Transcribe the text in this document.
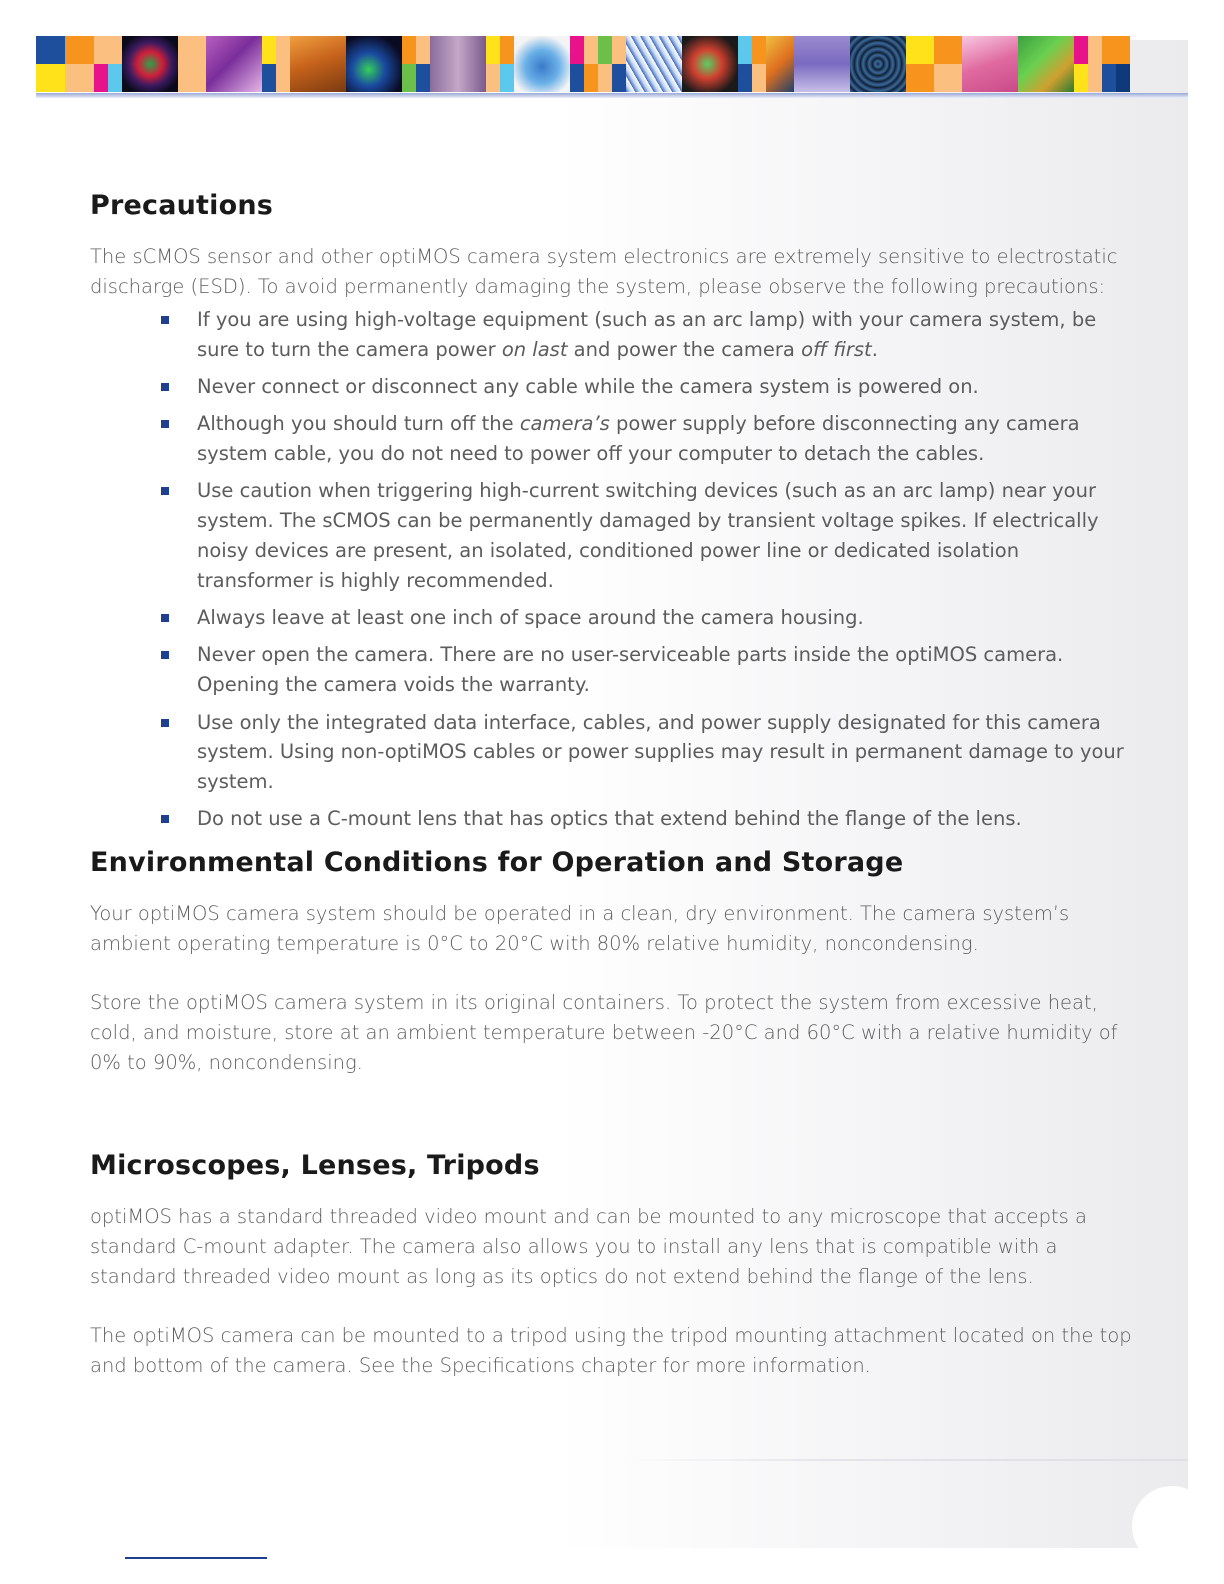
Precautions

The sCMOS sensor and other optiMOS camera system electronics are extremely sensitive to electrostatic discharge (ESD). To avoid permanently damaging the system, please observe the following precautions:

If you are using high-voltage equipment (such as an arc lamp) with your camera system, be sure to turn the camera power on last and power the camera off first.
Never connect or disconnect any cable while the camera system is powered on.
Although you should turn off the camera’s power supply before disconnecting any camera system cable, you do not need to power off your computer to detach the cables.
Use caution when triggering high-current switching devices (such as an arc lamp) near your system. The sCMOS can be permanently damaged by transient voltage spikes. If electrically noisy devices are present, an isolated, conditioned power line or dedicated isolation transformer is highly recommended.
Always leave at least one inch of space around the camera housing.
Never open the camera. There are no user-serviceable parts inside the optiMOS camera. Opening the camera voids the warranty.
Use only the integrated data interface, cables, and power supply designated for this camera system. Using non-optiMOS cables or power supplies may result in permanent damage to your system.
Do not use a C-mount lens that has optics that extend behind the flange of the lens.
Environmental Conditions for Operation and Storage

Your optiMOS camera system should be operated in a clean, dry environment. The camera system’s ambient operating temperature is 0°C to 20°C with 80% relative humidity, noncondensing.

Store the optiMOS camera system in its original containers. To protect the system from excessive heat, cold, and moisture, store at an ambient temperature between -20°C and 60°C with a relative humidity of 0% to 90%, noncondensing.

Microscopes, Lenses, Tripods

optiMOS has a standard threaded video mount and can be mounted to any microscope that accepts a standard C-mount adapter. The camera also allows you to install any lens that is compatible with a standard threaded video mount as long as its optics do not extend behind the flange of the lens.

The optiMOS camera can be mounted to a tripod using the tripod mounting attachment located on the top and bottom of the camera. See the Specifications chapter for more information.
